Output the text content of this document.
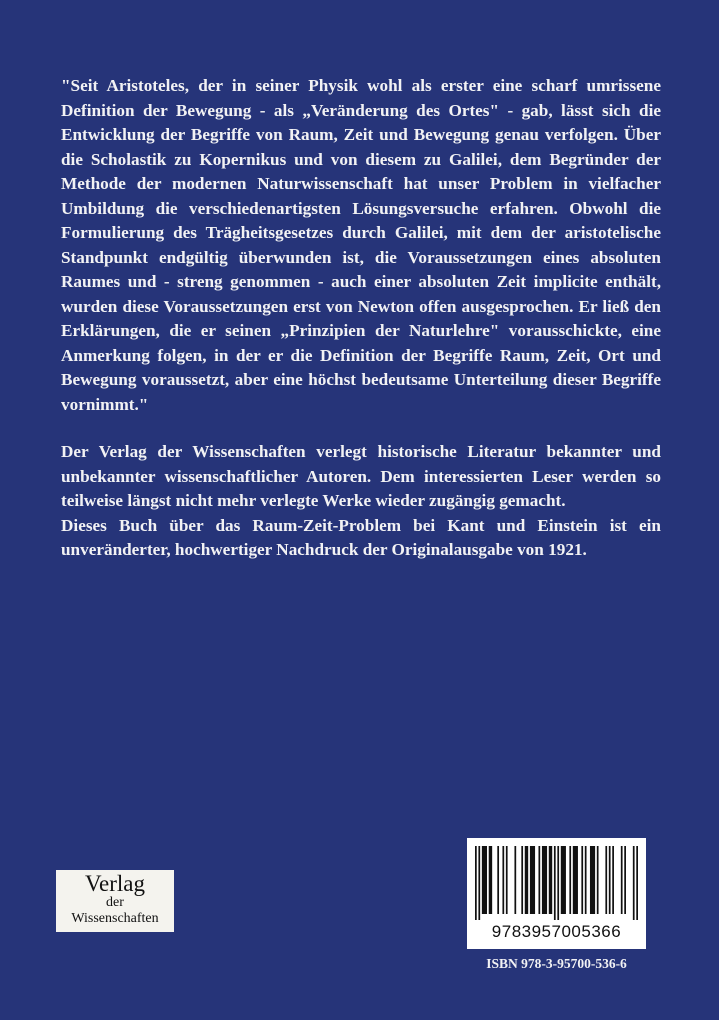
"Seit Aristoteles, der in seiner Physik wohl als erster eine scharf umrissene Definition der Bewegung - als „Veränderung des Ortes" - gab, lässt sich die Entwicklung der Begriffe von Raum, Zeit und Bewegung genau verfolgen. Über die Scholastik zu Kopernikus und von diesem zu Galilei, dem Begründer der Methode der modernen Naturwissenschaft hat unser Problem in vielfacher Umbildung die verschiedenartigsten Lösungsversuche erfahren. Obwohl die Formulierung des Trägheitsgesetzes durch Galilei, mit dem der aristotelische Standpunkt endgültig überwunden ist, die Voraussetzungen eines absoluten Raumes und - streng genommen - auch einer absoluten Zeit implicite enthält, wurden diese Voraussetzungen erst von Newton offen ausgesprochen. Er ließ den Erklärungen, die er seinen „Prinzipien der Naturlehre" vorausschickte, eine Anmerkung folgen, in der er die Definition der Begriffe Raum, Zeit, Ort und Bewegung voraussetzt, aber eine höchst bedeutsame Unterteilung dieser Begriffe vornimmt."

Der Verlag der Wissenschaften verlegt historische Literatur bekannter und unbekannter wissenschaftlicher Autoren. Dem interessierten Leser werden so teilweise längst nicht mehr verlegte Werke wieder zugängig gemacht.

Dieses Buch über das Raum-Zeit-Problem bei Kant und Einstein ist ein unveränderter, hochwertiger Nachdruck der Originalausgabe von 1921.

Verlag
der
Wissenschaften
9783957005366
ISBN 978-3-95700-536-6
